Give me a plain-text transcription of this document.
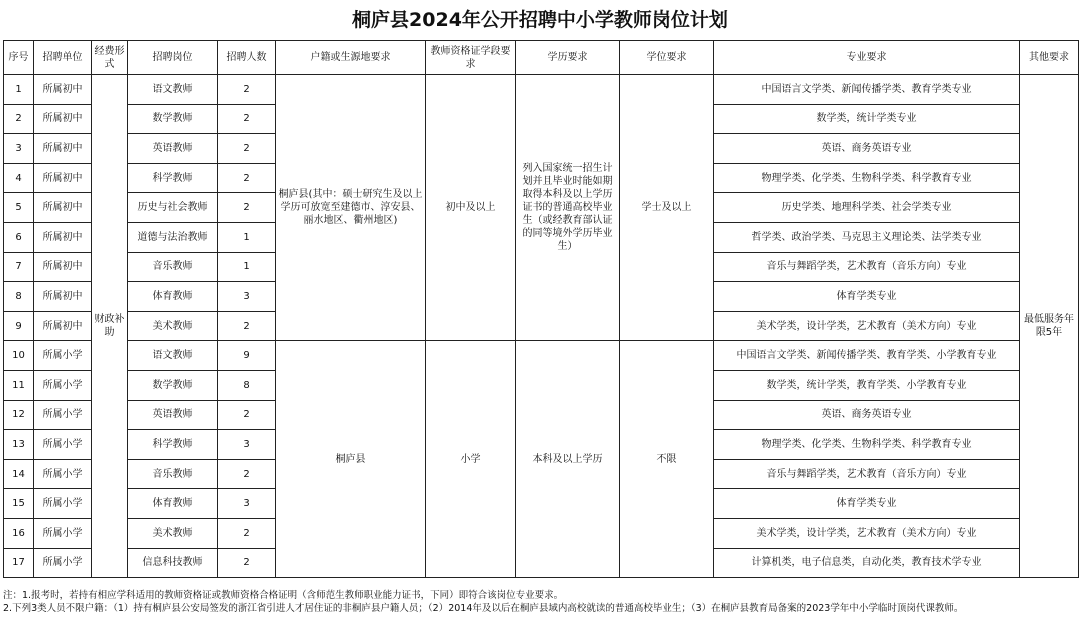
桐庐县2024年公开招聘中小学教师岗位计划
序号	招聘单位	经费形式	招聘岗位	招聘人数	户籍或生源地要求	教师资格证学段要求	学历要求	学位要求	专业要求	其他要求
1	所属初中	财政补助	语文教师	2	桐庐县(其中：硕士研究生及以上学历可放宽至建德市、淳安县、丽水地区、衢州地区)	初中及以上	列入国家统一招生计划并且毕业时能如期取得本科及以上学历证书的普通高校毕业生（或经教育部认证的同等境外学历毕业生）	学士及以上	中国语言文学类、新闻传播学类、教育学类专业	最低服务年限5年
2	所属初中		数学教师	2					数学类，统计学类专业	
3	所属初中		英语教师	2					英语、商务英语专业	
4	所属初中		科学教师	2					物理学类、化学类、生物科学类、科学教育专业	
5	所属初中		历史与社会教师	2					历史学类、地理科学类、社会学类专业	
6	所属初中		道德与法治教师	1					哲学类、政治学类、马克思主义理论类、法学类专业	
7	所属初中		音乐教师	1					音乐与舞蹈学类，艺术教育（音乐方向）专业	
8	所属初中		体育教师	3					体育学类专业	
9	所属初中		美术教师	2					美术学类，设计学类，艺术教育（美术方向）专业	
10	所属小学		语文教师	9	桐庐县	小学	本科及以上学历	不限	中国语言文学类、新闻传播学类、教育学类、小学教育专业	
11	所属小学		数学教师	8					数学类，统计学类，教育学类、小学教育专业	
12	所属小学		英语教师	2					英语、商务英语专业	
13	所属小学		科学教师	3					物理学类、化学类、生物科学类、科学教育专业	
14	所属小学		音乐教师	2					音乐与舞蹈学类，艺术教育（音乐方向）专业	
15	所属小学		体育教师	3					体育学类专业	
16	所属小学		美术教师	2					美术学类，设计学类，艺术教育（美术方向）专业	
17	所属小学		信息科技教师	2					计算机类，电子信息类，自动化类，教育技术学专业	
注：1.报考时，若持有相应学科适用的教师资格证或教师资格合格证明（含师范生教师职业能力证书，下同）即符合该岗位专业要求。
2.下列3类人员不限户籍：（1）持有桐庐县公安局签发的浙江省引进人才居住证的非桐庐县户籍人员；（2）2014年及以后在桐庐县域内高校就读的普通高校毕业生；（3）在桐庐县教育局备案的2023学年中小学临时顶岗代课教师。
